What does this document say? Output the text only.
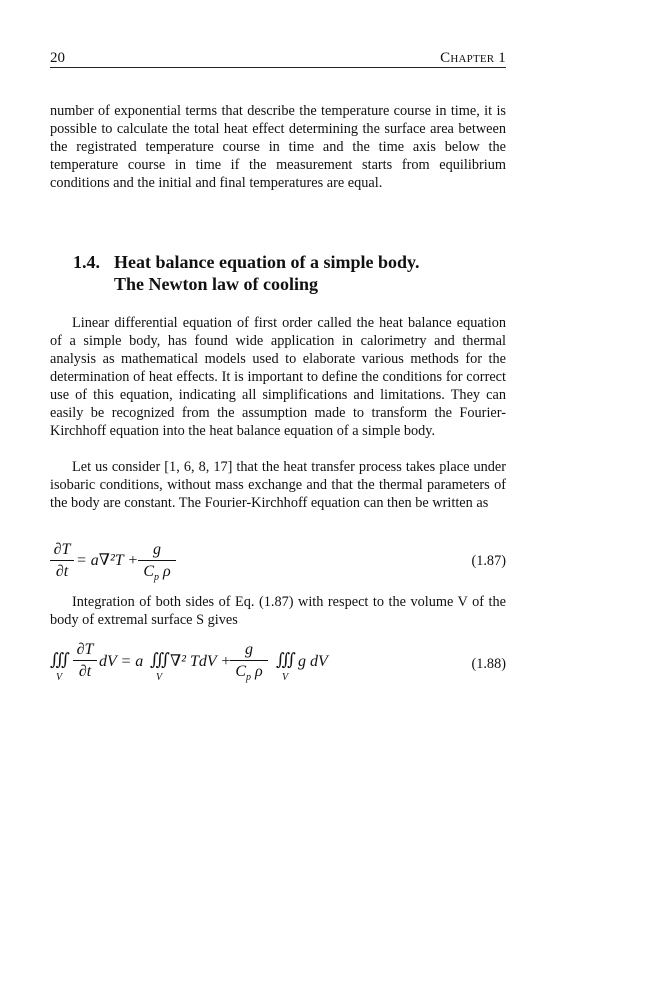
20	Chapter 1

number of exponential terms that describe the temperature course in time, it is possible to calculate the total heat effect determining the surface area between the registrated temperature course in time and the time axis below the temperature course in time if the measurement starts from equilibrium conditions and the initial and final temperatures are equal.

1.4. Heat balance equation of a simple body.
The Newton law of cooling

Linear differential equation of first order called the heat balance equation of a simple body, has found wide application in calorimetry and thermal analysis as mathematical models used to elaborate various methods for the determination of heat effects. It is important to define the conditions for correct use of this equation, indicating all simplifications and limitations. They can easily be recognized from the assumption made to transform the Fourier-Kirchhoff equation into the heat balance equation of a simple body.

Let us consider [1, 6, 8, 17] that the heat transfer process takes place under isobaric conditions, without mass exchange and that the thermal parameters of the body are constant. The Fourier-Kirchhoff equation can then be written as

∂T
∂t
= a∇²T +
g
$C_p$ ρ
(1.87)

Integration of both sides of Eq. (1.87) with respect to the volume V of the body of extremal surface S gives

∭
V
∂T
∂t
dV = a ∭
V
∇² TdV +
g
$C_p$ ρ
∭
V
g dV	(1.88)
